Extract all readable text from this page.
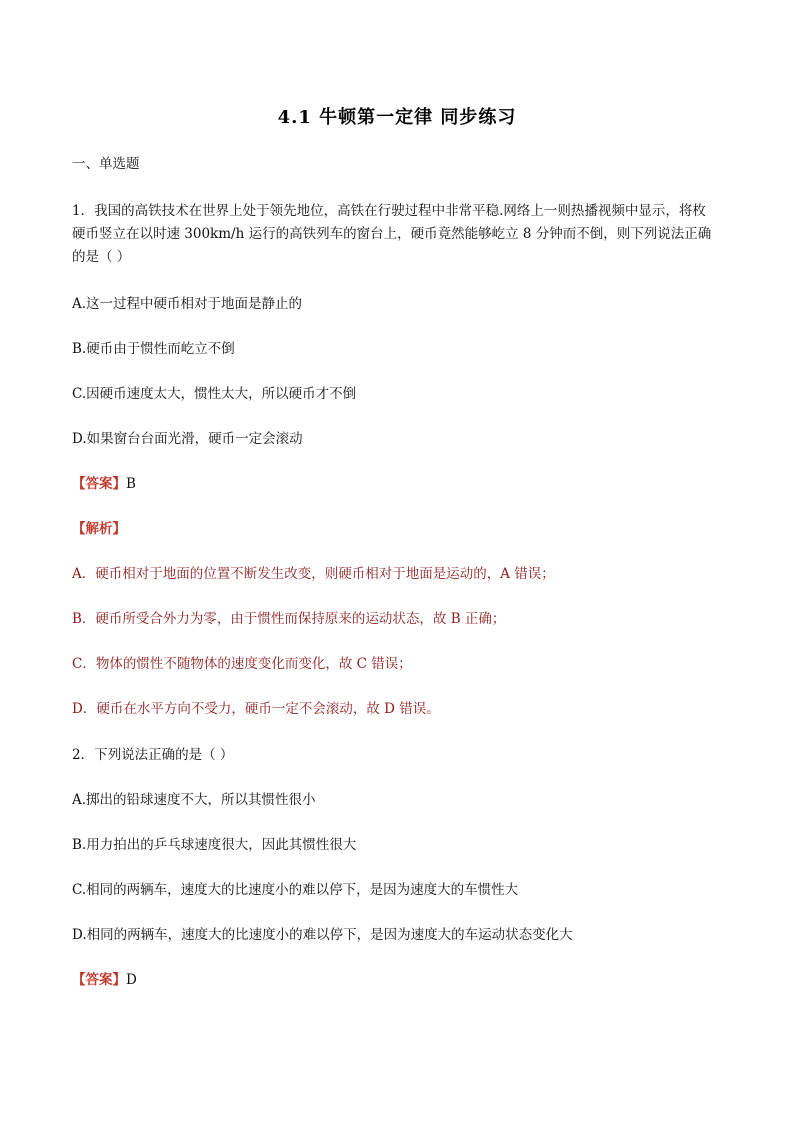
4.1 牛顿第一定律 同步练习
一、单选题
1．我国的高铁技术在世界上处于领先地位，高铁在行驶过程中非常平稳.网络上一则热播视频中显示，将枚
硬币竖立在以时速 300km/h 运行的高铁列车的窗台上，硬币竟然能够屹立 8 分钟而不倒，则下列说法正确
的是（ ）
A.这一过程中硬币相对于地面是静止的
B.硬币由于惯性而屹立不倒
C.因硬币速度太大，惯性太大，所以硬币才不倒
D.如果窗台台面光滑，硬币一定会滚动
【答案】B
【解析】
A．硬币相对于地面的位置不断发生改变，则硬币相对于地面是运动的，A 错误；
B．硬币所受合外力为零，由于惯性而保持原来的运动状态，故 B 正确；
C．物体的惯性不随物体的速度变化而变化，故 C 错误；
D．硬币在水平方向不受力，硬币一定不会滚动，故 D 错误。
2．下列说法正确的是（ ）
A.掷出的铅球速度不大，所以其惯性很小
B.用力拍出的乒乓球速度很大，因此其惯性很大
C.相同的两辆车，速度大的比速度小的难以停下，是因为速度大的车惯性大
D.相同的两辆车，速度大的比速度小的难以停下，是因为速度大的车运动状态变化大
【答案】D
